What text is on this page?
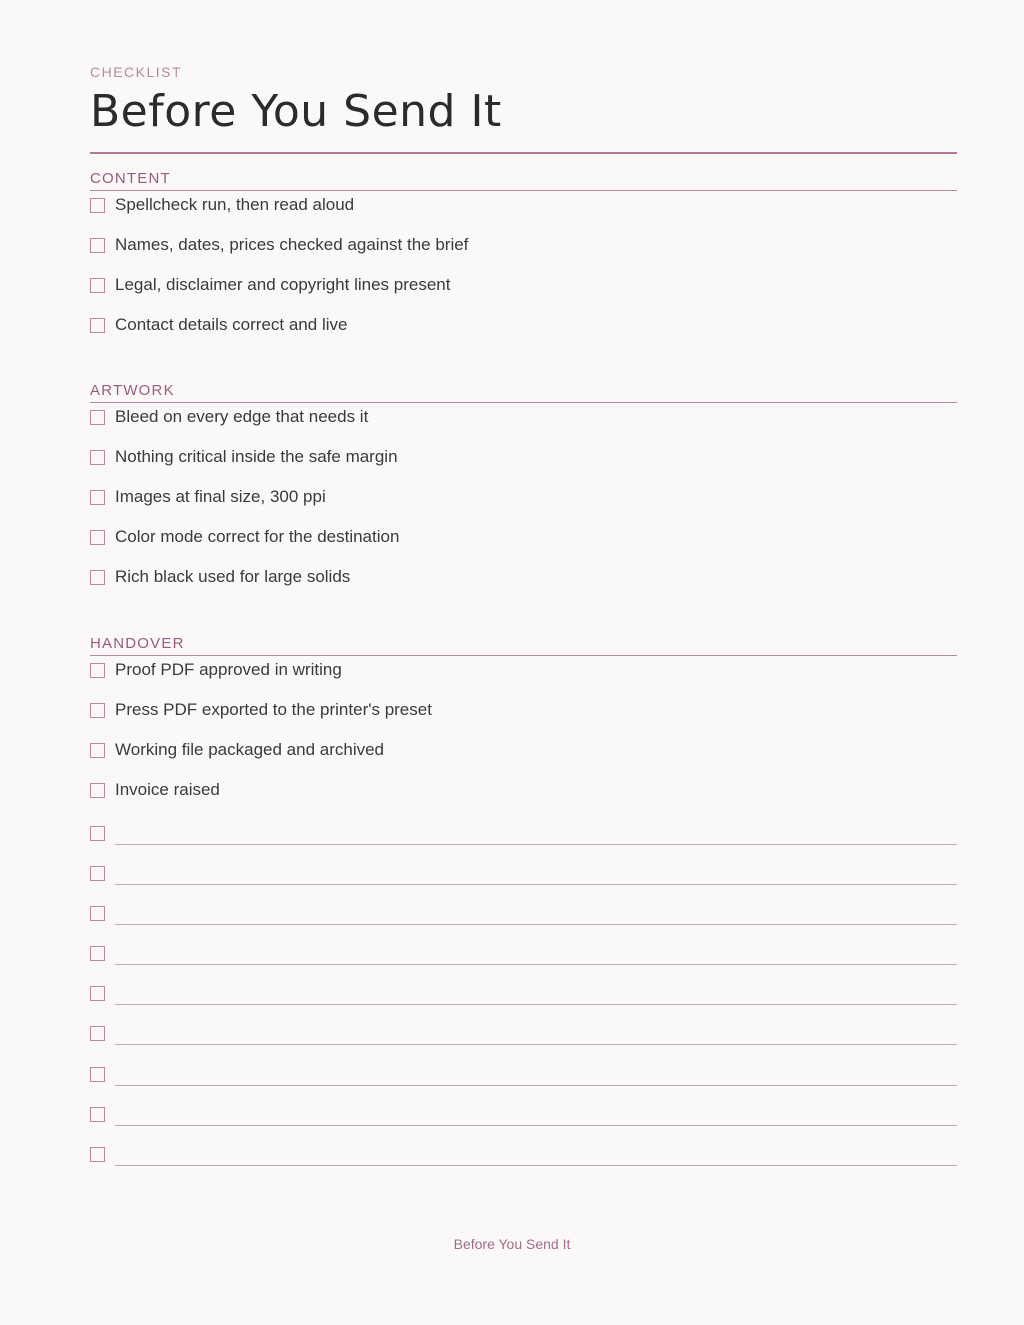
CHECKLIST
Before You Send It
CONTENT
Spellcheck run, then read aloud
Names, dates, prices checked against the brief
Legal, disclaimer and copyright lines present
Contact details correct and live
ARTWORK
Bleed on every edge that needs it
Nothing critical inside the safe margin
Images at final size, 300 ppi
Color mode correct for the destination
Rich black used for large solids
HANDOVER
Proof PDF approved in writing
Press PDF exported to the printer's preset
Working file packaged and archived
Invoice raised
Before You Send It
